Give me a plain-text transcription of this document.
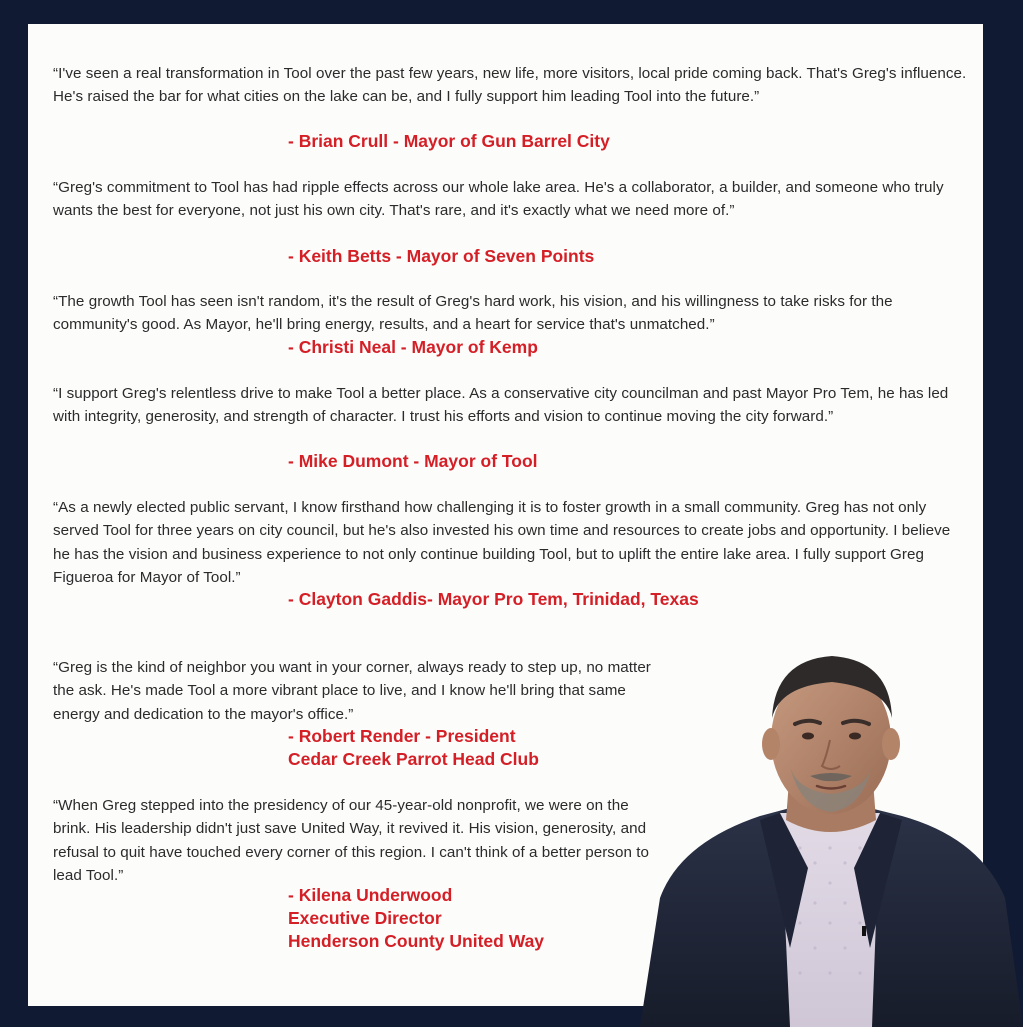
“I've seen a real transformation in Tool over the past few years, new life, more visitors, local pride coming back. That's Greg's influence. He's raised the bar for what cities on the lake can be, and I fully support him leading Tool into the future.”

- Brian Crull - Mayor of Gun Barrel City

“Greg's commitment to Tool has had ripple effects across our whole lake area. He's a collaborator, a builder, and someone who truly wants the best for everyone, not just his own city. That's rare, and it's exactly what we need more of.”

- Keith Betts - Mayor of Seven Points

“The growth Tool has seen isn't random, it's the result of Greg's hard work, his vision, and his willingness to take risks for the community's good. As Mayor, he'll bring energy, results, and a heart for service that's unmatched.”

- Christi Neal - Mayor of Kemp

“I support Greg's relentless drive to make Tool a better place. As a conservative city councilman and past Mayor Pro Tem, he has led with integrity, generosity, and strength of character. I trust his efforts and vision to continue moving the city forward.”

- Mike Dumont - Mayor of Tool

“As a newly elected public servant, I know firsthand how challenging it is to foster growth in a small community. Greg has not only served Tool for three years on city council, but he's also invested his own time and resources to create jobs and opportunity. I believe he has the vision and business experience to not only continue building Tool, but to uplift the entire lake area. I fully support Greg Figueroa for Mayor of Tool.”

- Clayton Gaddis- Mayor Pro Tem, Trinidad, Texas

“Greg is the kind of neighbor you want in your corner, always ready to step up, no matter the ask. He's made Tool a more vibrant place to live, and I know he'll bring that same energy and dedication to the mayor's office.”

- Robert Render - President
Cedar Creek Parrot Head Club

“When Greg stepped into the presidency of our 45-year-old nonprofit, we were on the brink. His leadership didn't just save United Way, it revived it. His vision, generosity, and refusal to quit have touched every corner of this region. I can't think of a better person to lead Tool.”

- Kilena Underwood
Executive Director
Henderson County United Way
